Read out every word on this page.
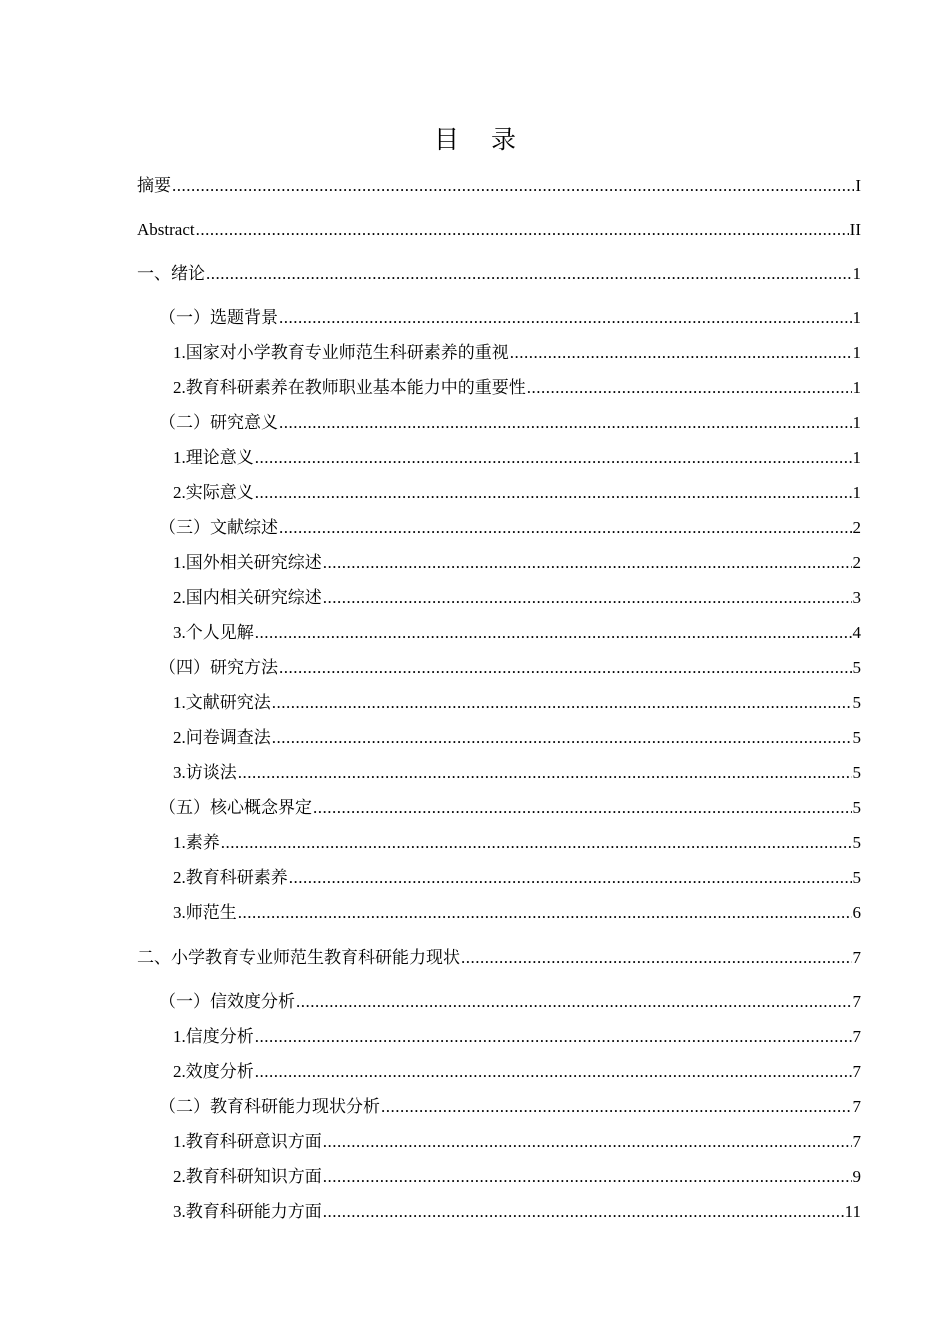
目 录
摘要 .....	I
Abstract .....	II
一、绪论 .....	1
（一）选题背景 .....	1
1.国家对小学教育专业师范生科研素养的重视 .....	1
2.教育科研素养在教师职业基本能力中的重要性 .....	1
（二）研究意义 .....	1
1.理论意义 .....	1
2.实际意义 .....	1
（三）文献综述 .....	2
1.国外相关研究综述 .....	2
2.国内相关研究综述 .....	3
3.个人见解 .....	4
（四）研究方法 .....	5
1.文献研究法 .....	5
2.问卷调查法 .....	5
3.访谈法 .....	5
（五）核心概念界定 .....	5
1.素养 .....	5
2.教育科研素养 .....	5
3.师范生 .....	6
二、小学教育专业师范生教育科研能力现状 .....	7
（一）信效度分析 .....	7
1.信度分析 .....	7
2.效度分析 .....	7
（二）教育科研能力现状分析 .....	7
1.教育科研意识方面 .....	7
2.教育科研知识方面 .....	9
3.教育科研能力方面 .....	11
